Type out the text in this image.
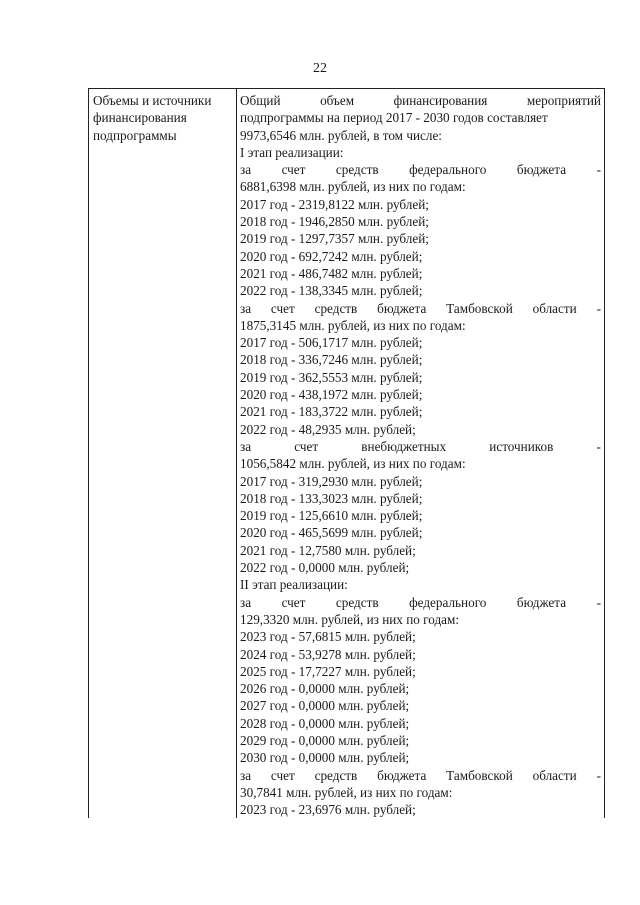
22
Объемы и источники
финансирования
подпрограммы
Общий	объем	финансирования	мероприятий
подпрограммы на период 2017 - 2030 годов составляет
9973,6546 млн. рублей, в том числе:
I этап реализации:
за счет средств федерального бюджета -
6881,6398 млн. рублей, из них по годам:
2017 год - 2319,8122 млн. рублей;
2018 год - 1946,2850 млн. рублей;
2019 год - 1297,7357 млн. рублей;
2020 год - 692,7242 млн. рублей;
2021 год - 486,7482 млн. рублей;
2022 год - 138,3345 млн. рублей;
за счет средств бюджета Тамбовской области -
1875,3145 млн. рублей, из них по годам:
2017 год - 506,1717 млн. рублей;
2018 год - 336,7246 млн. рублей;
2019 год - 362,5553 млн. рублей;
2020 год - 438,1972 млн. рублей;
2021 год - 183,3722 млн. рублей;
2022 год - 48,2935 млн. рублей;
за	счет	внебюджетных	источников	-
1056,5842 млн. рублей, из них по годам:
2017 год - 319,2930 млн. рублей;
2018 год - 133,3023 млн. рублей;
2019 год - 125,6610 млн. рублей;
2020 год - 465,5699 млн. рублей;
2021 год - 12,7580 млн. рублей;
2022 год - 0,0000 млн. рублей;
II этап реализации:
за счет средств федерального бюджета -
129,3320 млн. рублей, из них по годам:
2023 год - 57,6815 млн. рублей;
2024 год - 53,9278 млн. рублей;
2025 год - 17,7227 млн. рублей;
2026 год - 0,0000 млн. рублей;
2027 год - 0,0000 млн. рублей;
2028 год - 0,0000 млн. рублей;
2029 год - 0,0000 млн. рублей;
2030 год - 0,0000 млн. рублей;
за счет средств бюджета Тамбовской области -
30,7841 млн. рублей, из них по годам:
2023 год - 23,6976 млн. рублей;
